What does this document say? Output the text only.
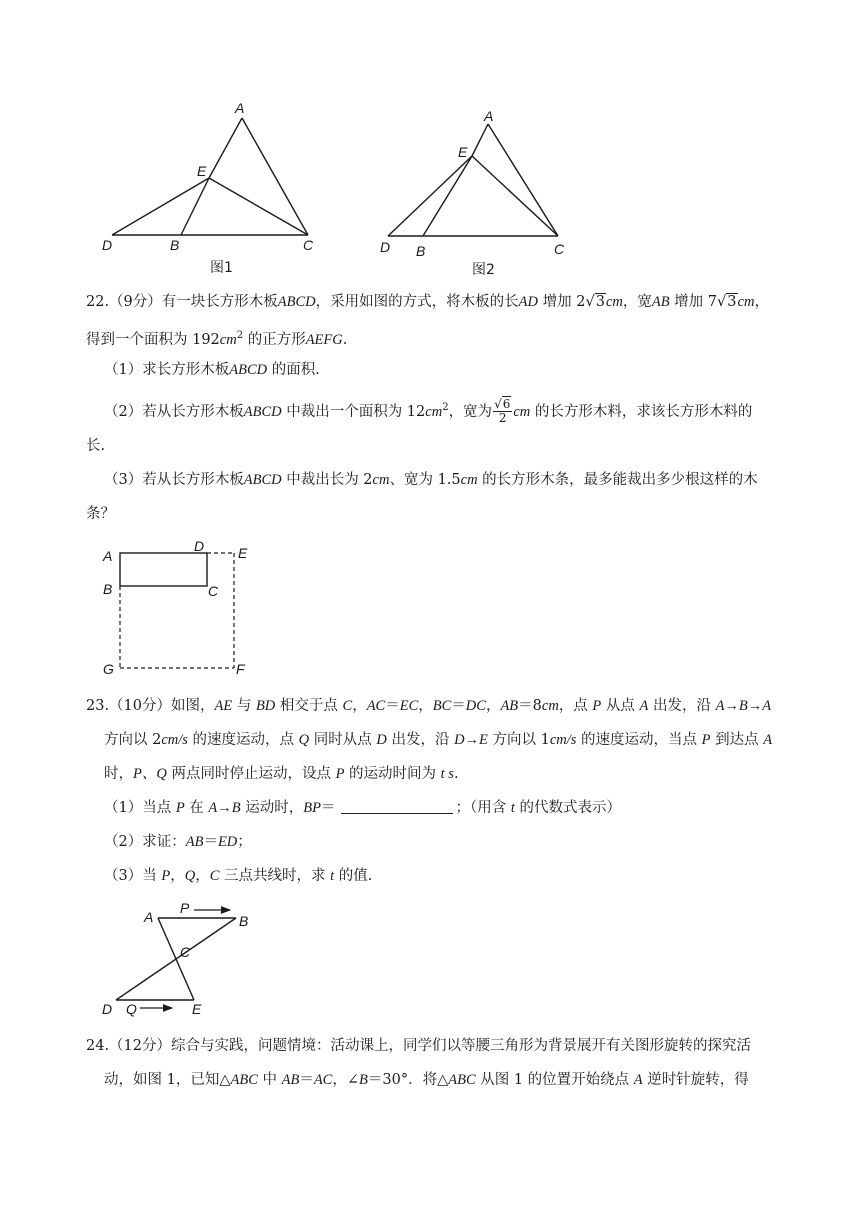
A
E
D	B	C
图1
A
E
D B	C
图2
22.（9分）有一块长方形木板ABCD，采用如图的方式，将木板的长AD 增加 2√3cm，宽AB 增加 7√3cm，
得到一个面积为 $192cm^2$ 的正方形AEFG.
（1）求长方形木板ABCD 的面积.
（2）若从长方形木板ABCD 中裁出一个面积为 $12cm^2$，宽为 $\frac{√6}{2}$ cm 的长方形木料，求该长方形木料的
长.
（3）若从长方形木板ABCD 中裁出长为 2cm、宽为 1.5cm 的长方形木条，最多能裁出多少根这样的木
条？
A
D E
B	C
G	F
23.（10分）如图，AE 与 BD 相交于点 C，AC＝EC，BC＝DC，AB＝8cm，点 P 从点 A 出发，沿 A→B→A
方向以 2cm/s 的速度运动，点 Q 同时从点 D 出发，沿 D→E 方向以 1cm/s 的速度运动，当点 P 到达点 A
时，P、Q 两点同时停止运动，设点 P 的运动时间为 t s.
（1）当点 P 在 A→B 运动时，BP＝	；（用含 t 的代数式表示）
（2）求证：AB＝ED；
（3）当 P，Q，C 三点共线时，求 t 的值.
A
P
B
C
D Q	E
24.（12分）综合与实践，问题情境：活动课上，同学们以等腰三角形为背景展开有关图形旋转的探究活
动，如图 1，已知△ABC 中 AB＝AC，∠B＝30°．将△ABC 从图 1 的位置开始绕点 A 逆时针旋转，得
